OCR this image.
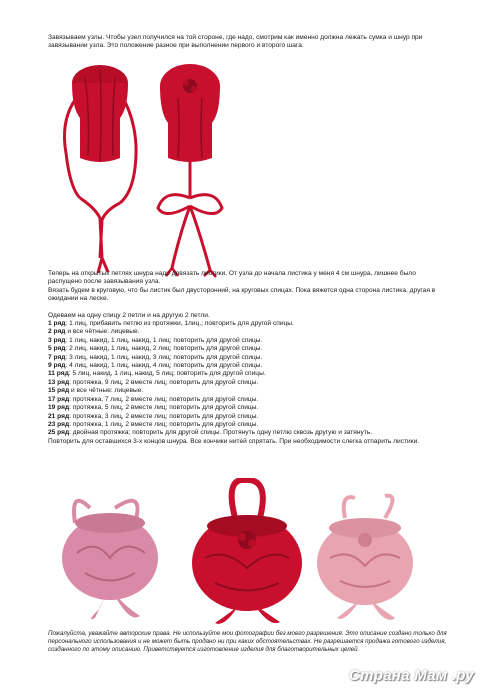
Завязываем узлы. Чтобы узел получился на той стороне, где надо, смотрим как именно должна лежать сумка и шнур при завязывании узла. Это положение разное при выполнении первого и второго шага.

Теперь на открытых петлях шнура надо довязать листики. От узла до начала листика у меня 4 см шнура, лишнее было распущено после завязывания узла.

Вязать будем в круговую, что бы листик был двусторонний, на круговых спицах. Пока вяжется одна сторона листика, другая в ожидании на леске.

Одеваем на одну спицу 2 петли и на другую 2 петли.

1 ряд: 1 лиц, прибавить петлю из протяжки, 1лиц.; повторить для другой спицы.

2 ряд и все чётные: лицевые.

3 ряд: 1 лиц, накид, 1 лиц, накид, 1 лиц; повторить для другой спицы.

5 ряд: 2 лиц, накид, 1 лиц, накид, 2 лиц; повторить для другой спицы.

7 ряд: 3 лиц, накид, 1 лиц, накид, 3 лиц; повторить для другой спицы.

9 ряд: 4 лиц, накид, 1 лиц, накид, 4 лиц; повторить для другой спицы.

11 ряд: 5 лиц, накид, 1 лиц, накид, 5 лиц; повторить для другой спицы.

13 ряд: протяжка, 9 лиц, 2 вместе лиц; повторить для другой спицы.

15 ряд и все чётные: лицевые.

17 ряд: протяжка, 7 лиц, 2 вместе лиц; повторить для другой спицы.

19 ряд: протяжка, 5 лиц, 2 вместе лиц; повторить для другой спицы.

21 ряд: протяжка, 3 лиц, 2 вместе лиц; повторить для другой спицы.

23 ряд: протяжка, 1 лиц, 2 вместе лиц; повторить для другой спицы.

25 ряд: двойная протяжка; повторить для другой спицы. Протянуть одну петлю сквозь другую и затянуть.

Повторить для оставшихся 3-х концов шнура. Все кончики нитей спрятать. При необходимости слегка отпарить листики.

Пожалуйста, уважайте авторские права. Не используйте мои фотографии без моего разрешения. Это описание создано только для персонального использования и не может быть продано ни при каких обстоятельствах. Не разрешается продажа готового изделия, созданного по этому описанию. Приветствуется изготовление изделия для благотворительных целей.

Страна Мам .ру
